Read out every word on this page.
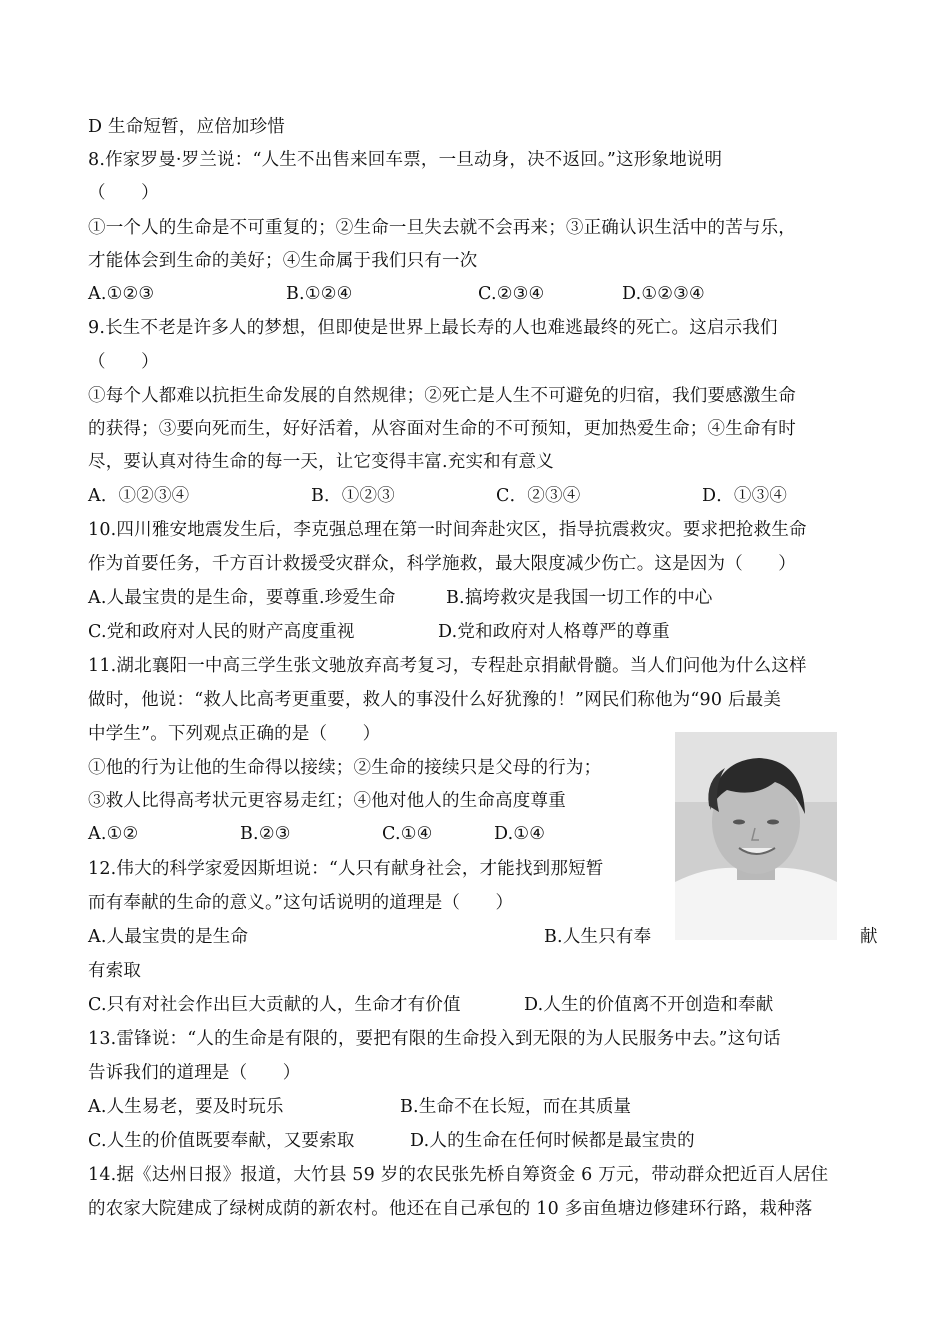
D 生命短暂，应倍加珍惜
8.作家罗曼·罗兰说：“人生不出售来回车票，一旦动身，决不返回。”这形象地说明
（　　）
①一个人的生命是不可重复的；②生命一旦失去就不会再来；③正确认识生活中的苦与乐，
才能体会到生命的美好；④生命属于我们只有一次
A.①②③	B.①②④	C.②③④	D.①②③④
9.长生不老是许多人的梦想，但即使是世界上最长寿的人也难逃最终的死亡。这启示我们
（　　）
①每个人都难以抗拒生命发展的自然规律；②死亡是人生不可避免的归宿，我们要感激生命
的获得；③要向死而生，好好活着，从容面对生命的不可预知，更加热爱生命；④生命有时
尽，要认真对待生命的每一天，让它变得丰富.充实和有意义
A．①②③④	B．①②③	C．②③④	D．①③④
10.四川雅安地震发生后，李克强总理在第一时间奔赴灾区，指导抗震救灾。要求把抢救生命
作为首要任务，千方百计救援受灾群众，科学施救，最大限度减少伤亡。这是因为（　　）
A.人最宝贵的是生命，要尊重.珍爱生命	B.搞垮救灾是我国一切工作的中心
C.党和政府对人民的财产高度重视	D.党和政府对人格尊严的尊重
11.湖北襄阳一中高三学生张文驰放弃高考复习，专程赴京捐献骨髓。当人们问他为什么这样
做时，他说：“救人比高考更重要，救人的事没什么好犹豫的！”网民们称他为“90 后最美
中学生”。下列观点正确的是（　　）
①他的行为让他的生命得以接续；②生命的接续只是父母的行为；
③救人比得高考状元更容易走红；④他对他人的生命高度尊重
A.①②	B.②③	C.①④	D.①④
12.伟大的科学家爱因斯坦说：“人只有献身社会，才能找到那短暂
而有奉献的生命的意义。”这句话说明的道理是（　　）
A.人最宝贵的是生命	B.人生只有奉	献
有索取
C.只有对社会作出巨大贡献的人，生命才有价值	D.人生的价值离不开创造和奉献
13.雷锋说：“人的生命是有限的，要把有限的生命投入到无限的为人民服务中去。”这句话
告诉我们的道理是（　　）
A.人生易老，要及时玩乐	B.生命不在长短，而在其质量
C.人生的价值既要奉献，又要索取	D.人的生命在任何时候都是最宝贵的
14.据《达州日报》报道，大竹县 59 岁的农民张先桥自筹资金 6 万元，带动群众把近百人居住
的农家大院建成了绿树成荫的新农村。他还在自己承包的 10 多亩鱼塘边修建环行路，栽种落
